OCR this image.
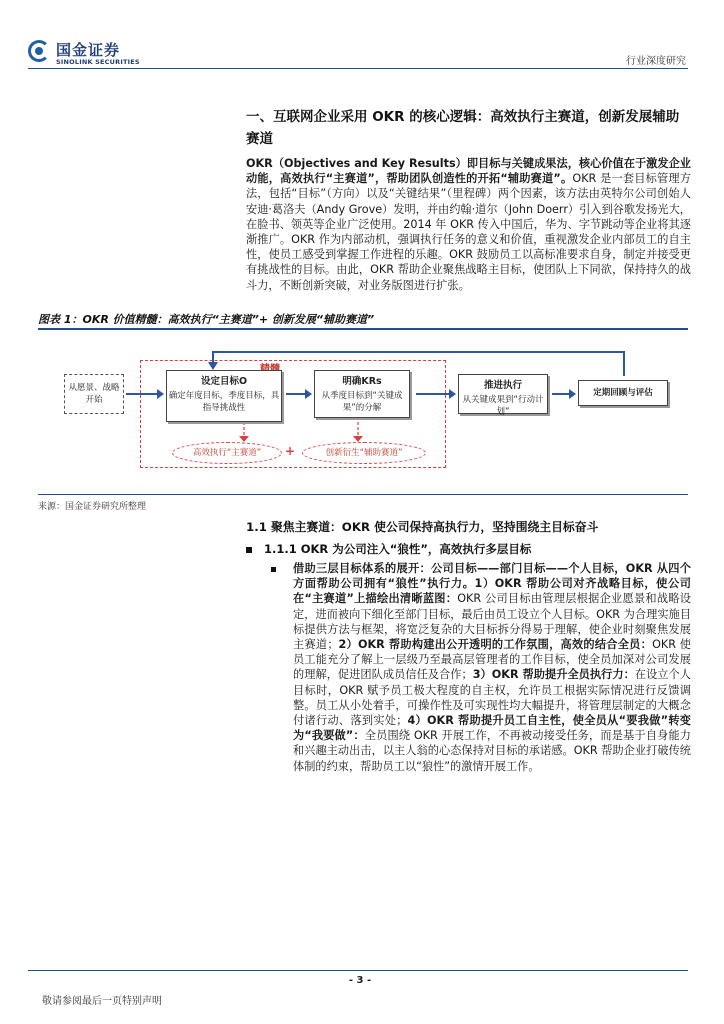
国金证券
SINOLINK SECURITIES	行业深度研究
一、互联网企业采用 OKR 的核心逻辑：高效执行主赛道，创新发展辅助赛道
OKR（Objectives and Key Results）即目标与关键成果法，核心价值在于激发企业动能，高效执行“主赛道”，帮助团队创造性的开拓“辅助赛道”。OKR 是一套目标管理方法，包括“目标”（方向）以及“关键结果”（里程碑）两个因素，该方法由英特尔公司创始人安迪·葛洛夫（Andy Grove）发明，并由约翰·道尔（John Doerr）引入到谷歌发扬光大，在脸书、领英等企业广泛使用。2014 年 OKR 传入中国后，华为、字节跳动等企业将其逐渐推广。OKR 作为内部动机，强调执行任务的意义和价值，重视激发企业内部员工的自主性，使员工感受到掌握工作进程的乐趣。OKR 鼓励员工以高标准要求自身，制定并接受更有挑战性的目标。由此，OKR 帮助企业聚焦战略主目标，使团队上下同欲，保持持久的战斗力，不断创新突破，对业务版图进行扩张。
图表 1：OKR 价值精髓：高效执行“主赛道”+ 创新发展“辅助赛道”
从愿景、战略开始
设定目标O
确定年度目标，季度目标，具指导挑战性
明确KRs
从季度目标到“关键成果”的分解
推进执行
从关键成果到“行动计划”
定期回顾与评估
高效执行“主赛道”	+	创新衍生“辅助赛道”
来源：国金证券研究所整理
1.1 聚焦主赛道：OKR 使公司保持高执行力，坚持围绕主目标奋斗
1.1.1 OKR 为公司注入“狼性”，高效执行多层目标
借助三层目标体系的展开：公司目标——部门目标——个人目标，OKR 从四个方面帮助公司拥有“狼性”执行力。1）OKR 帮助公司对齐战略目标，使公司在“主赛道”上描绘出清晰蓝图：OKR 公司目标由管理层根据企业愿景和战略设定，进而被向下细化至部门目标，最后由员工设立个人目标。OKR 为合理实施目标提供方法与框架，将宽泛复杂的大目标拆分得易于理解，使企业时刻聚焦发展主赛道；2）OKR 帮助构建出公开透明的工作氛围，高效的结合全员：OKR 使员工能充分了解上一层级乃至最高层管理者的工作目标，使全员加深对公司发展的理解，促进团队成员信任及合作；3）OKR 帮助提升全员执行力：在设立个人目标时，OKR 赋予员工极大程度的自主权，允许员工根据实际情况进行反馈调整。员工从小处着手，可操作性及可实现性均大幅提升，将管理层制定的大概念付诸行动、落到实处；4）OKR 帮助提升员工自主性，使全员从“要我做”转变为“我要做”：全员围绕 OKR 开展工作，不再被动接受任务，而是基于自身能力和兴趣主动出击，以主人翁的心态保持对目标的承诺感。OKR 帮助企业打破传统体制的约束，帮助员工以“狼性”的激情开展工作。
- 3 -
敬请参阅最后一页特别声明
